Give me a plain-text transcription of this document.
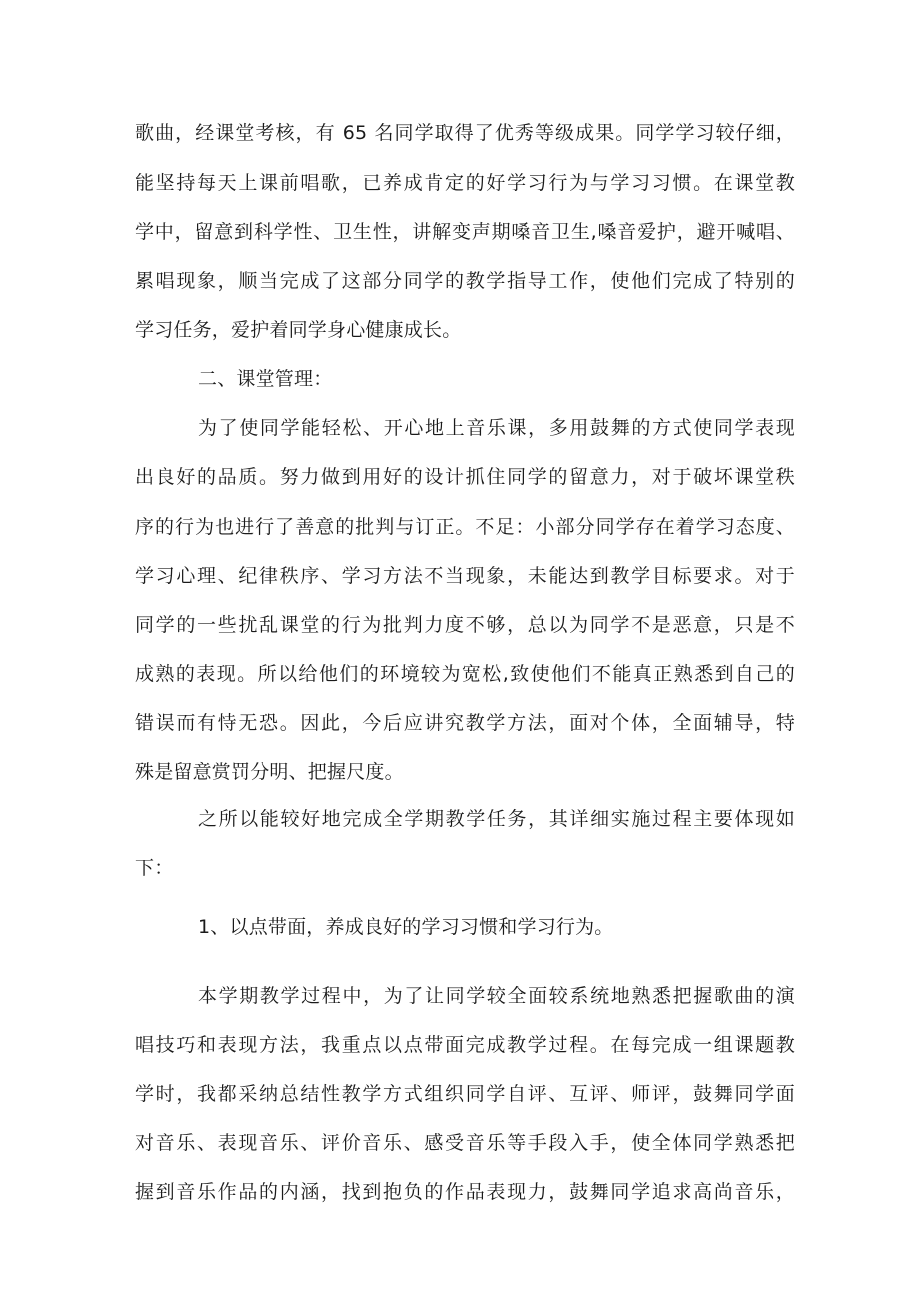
歌曲，经课堂考核，有 65 名同学取得了优秀等级成果。同学学习较仔细，
能坚持每天上课前唱歌，已养成肯定的好学习行为与学习习惯。在课堂教
学中，留意到科学性、卫生性，讲解变声期嗓音卫生,嗓音爱护，避开喊唱、
累唱现象，顺当完成了这部分同学的教学指导工作，使他们完成了特别的
学习任务，爱护着同学身心健康成长。
二、课堂管理：
为了使同学能轻松、开心地上音乐课，多用鼓舞的方式使同学表现
出良好的品质。努力做到用好的设计抓住同学的留意力，对于破坏课堂秩
序的行为也进行了善意的批判与订正。不足：小部分同学存在着学习态度、
学习心理、纪律秩序、学习方法不当现象，未能达到教学目标要求。对于
同学的一些扰乱课堂的行为批判力度不够，总以为同学不是恶意，只是不
成熟的表现。所以给他们的环境较为宽松,致使他们不能真正熟悉到自己的
错误而有恃无恐。因此，今后应讲究教学方法，面对个体，全面辅导，特
殊是留意赏罚分明、把握尺度。
之所以能较好地完成全学期教学任务，其详细实施过程主要体现如
下：
1、以点带面，养成良好的学习习惯和学习行为。
本学期教学过程中，为了让同学较全面较系统地熟悉把握歌曲的演
唱技巧和表现方法，我重点以点带面完成教学过程。在每完成一组课题教
学时，我都采纳总结性教学方式组织同学自评、互评、师评，鼓舞同学面
对音乐、表现音乐、评价音乐、感受音乐等手段入手，使全体同学熟悉把
握到音乐作品的内涵，找到抱负的作品表现力，鼓舞同学追求高尚音乐，
